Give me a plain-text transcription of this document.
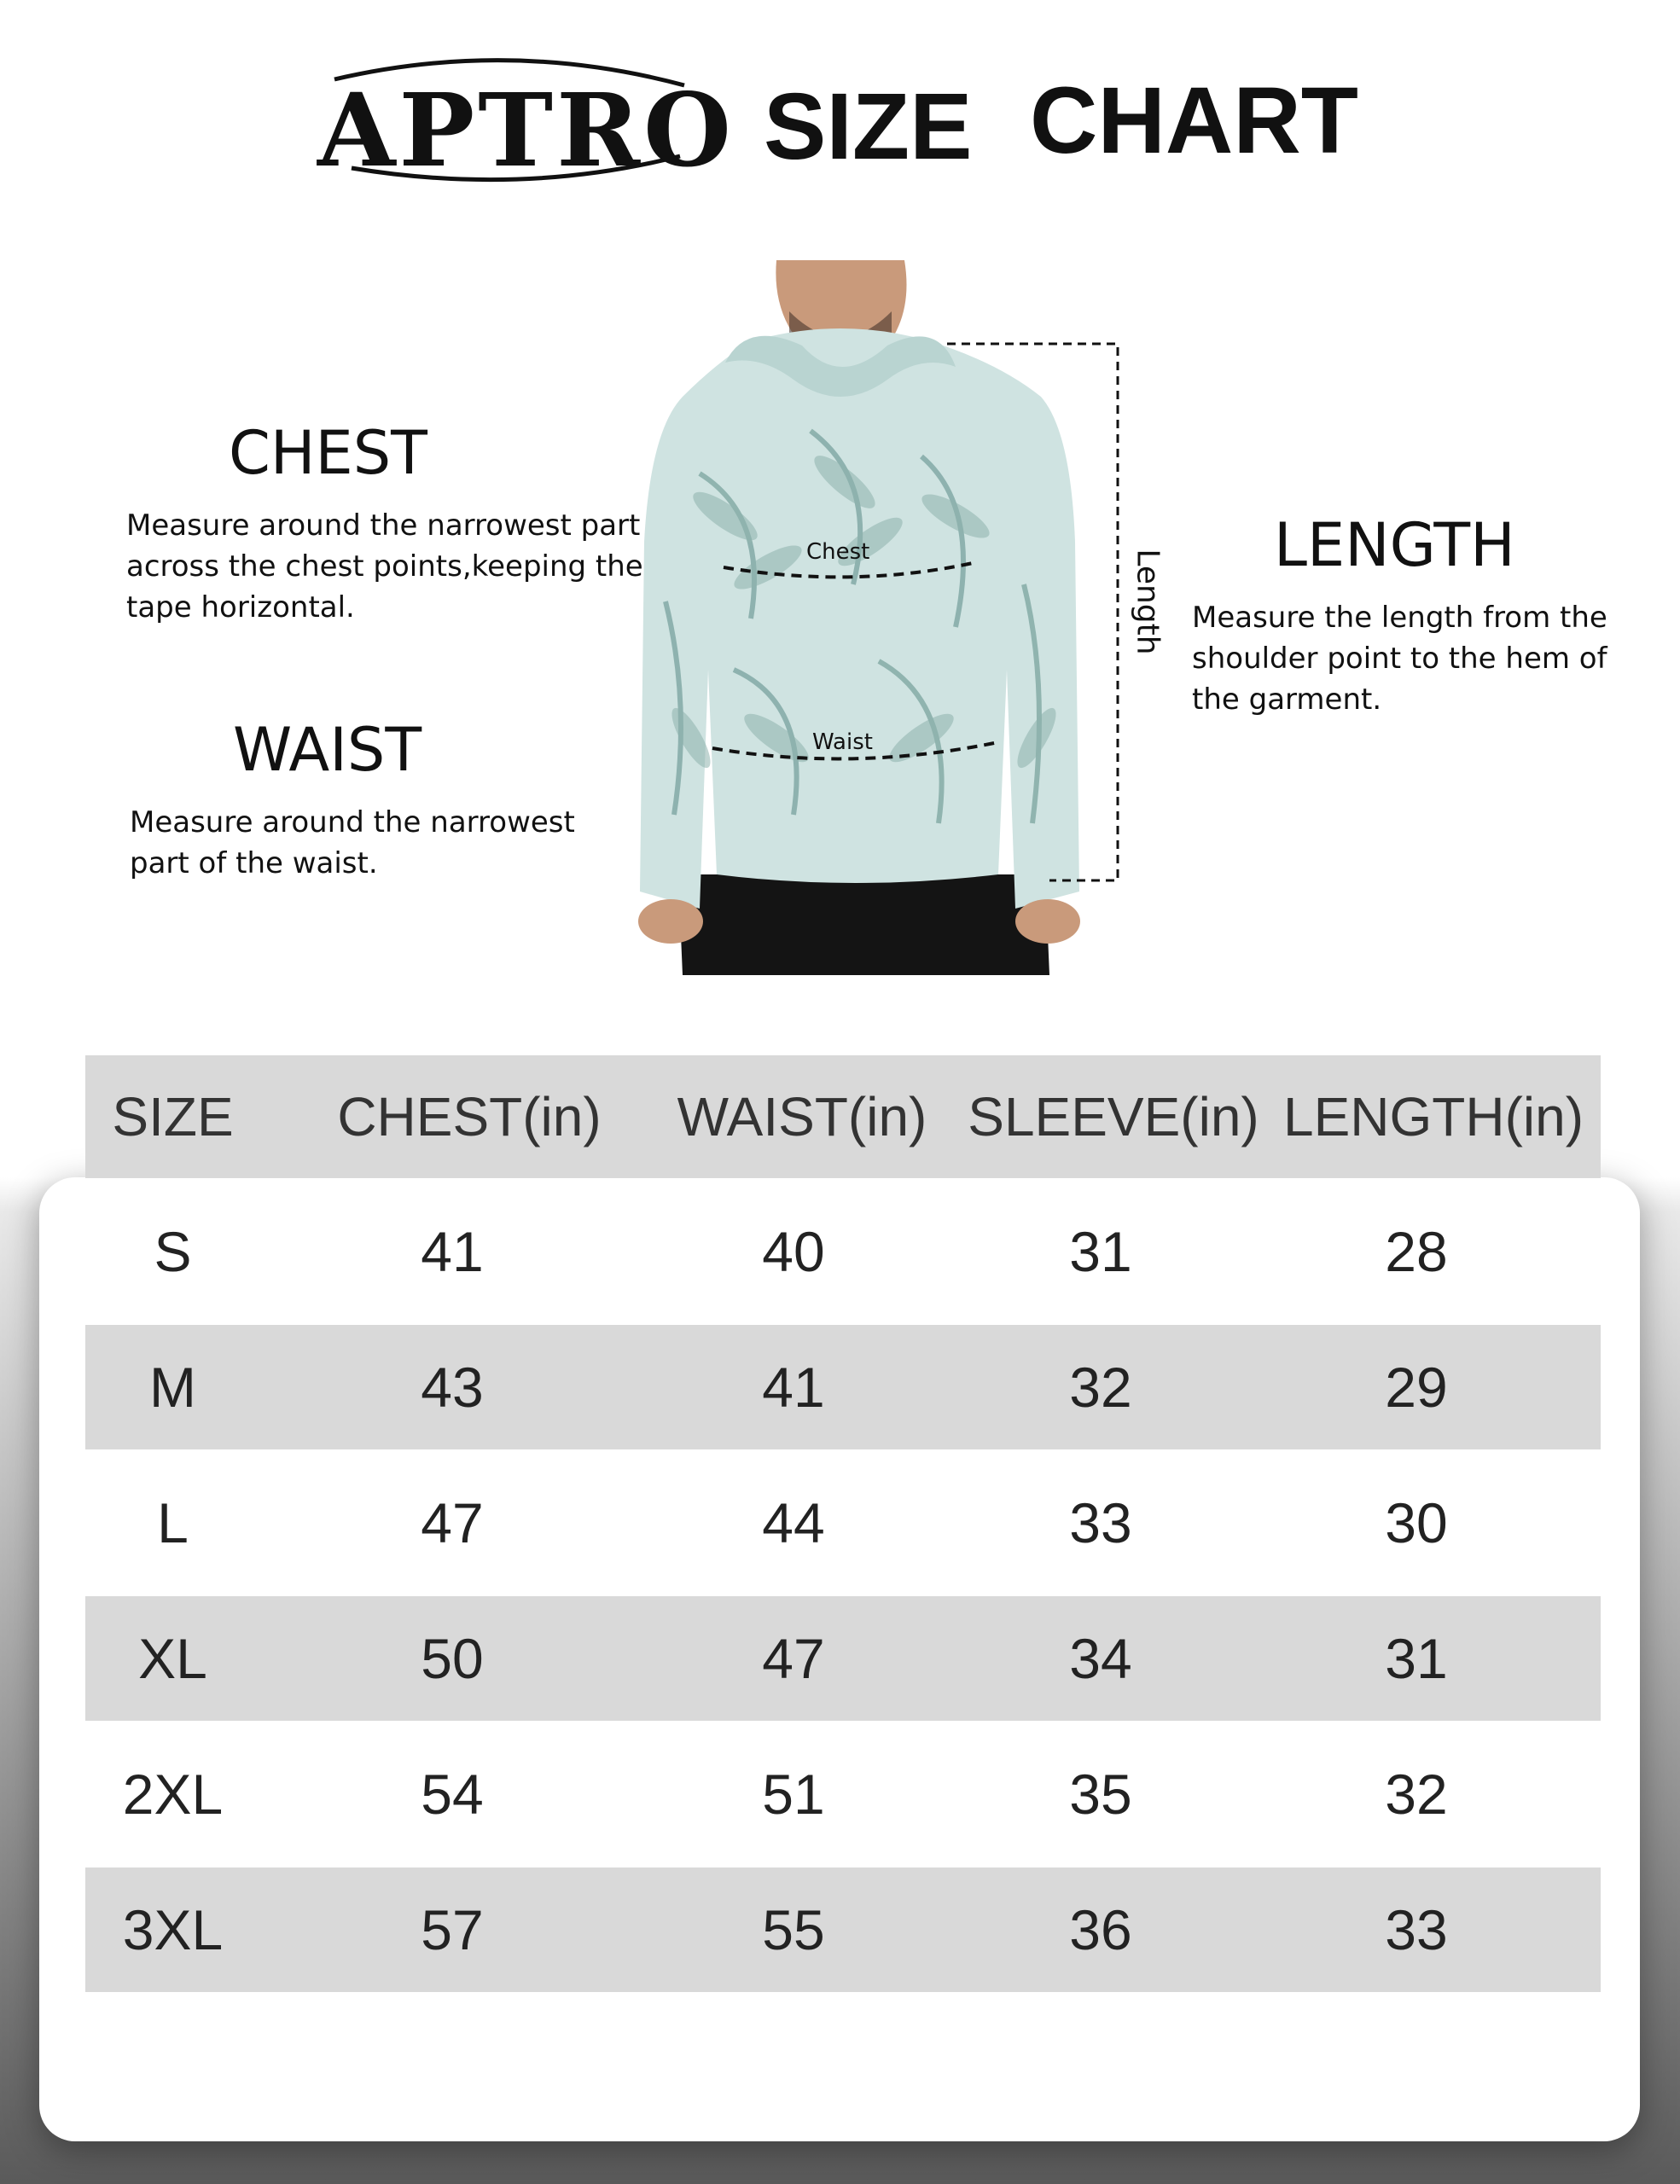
APTRO SIZE CHART
CHEST
Measure around the narrowest part
across the chest points,keeping the
tape horizontal.
WAIST
Measure around the narrowest
part of the waist.
LENGTH
Measure the length from the
shoulder point to the hem of
the garment.
Chest
Waist
Length
SIZE CHEST (in) WAIST (in) SLEEVE (in) LENGTH (in)
S	41	40	31	28
M	43	41	32	29
L	47	44	33	30
XL	50	47	34	31
2XL	54	51	35	32
3XL	57	55	36	33
